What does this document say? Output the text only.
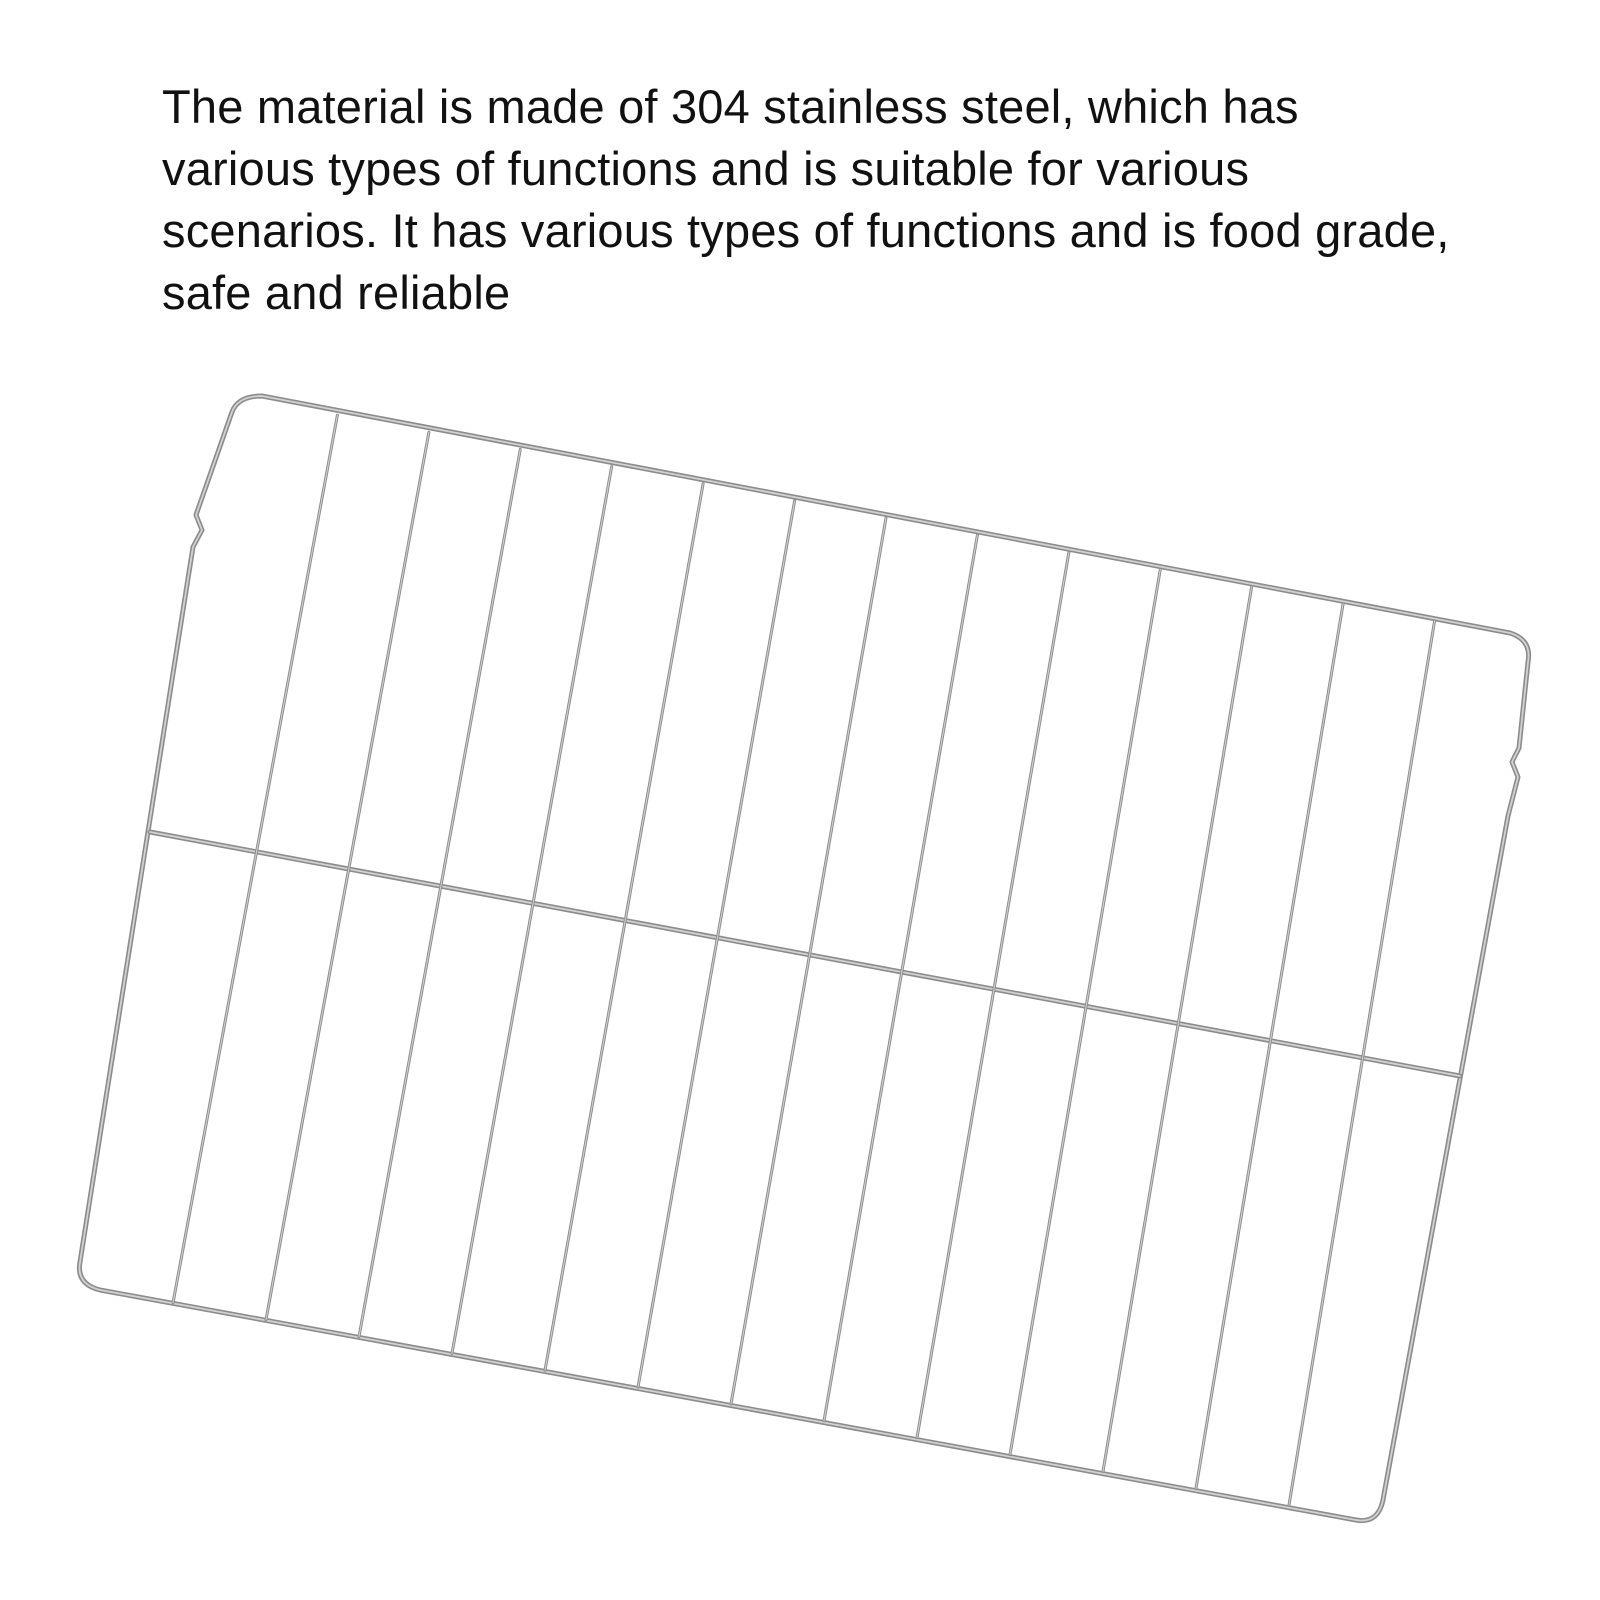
The material is made of 304 stainless steel, which has various types of functions and is suitable for various scenarios. It has various types of functions and is food grade, safe and reliable
